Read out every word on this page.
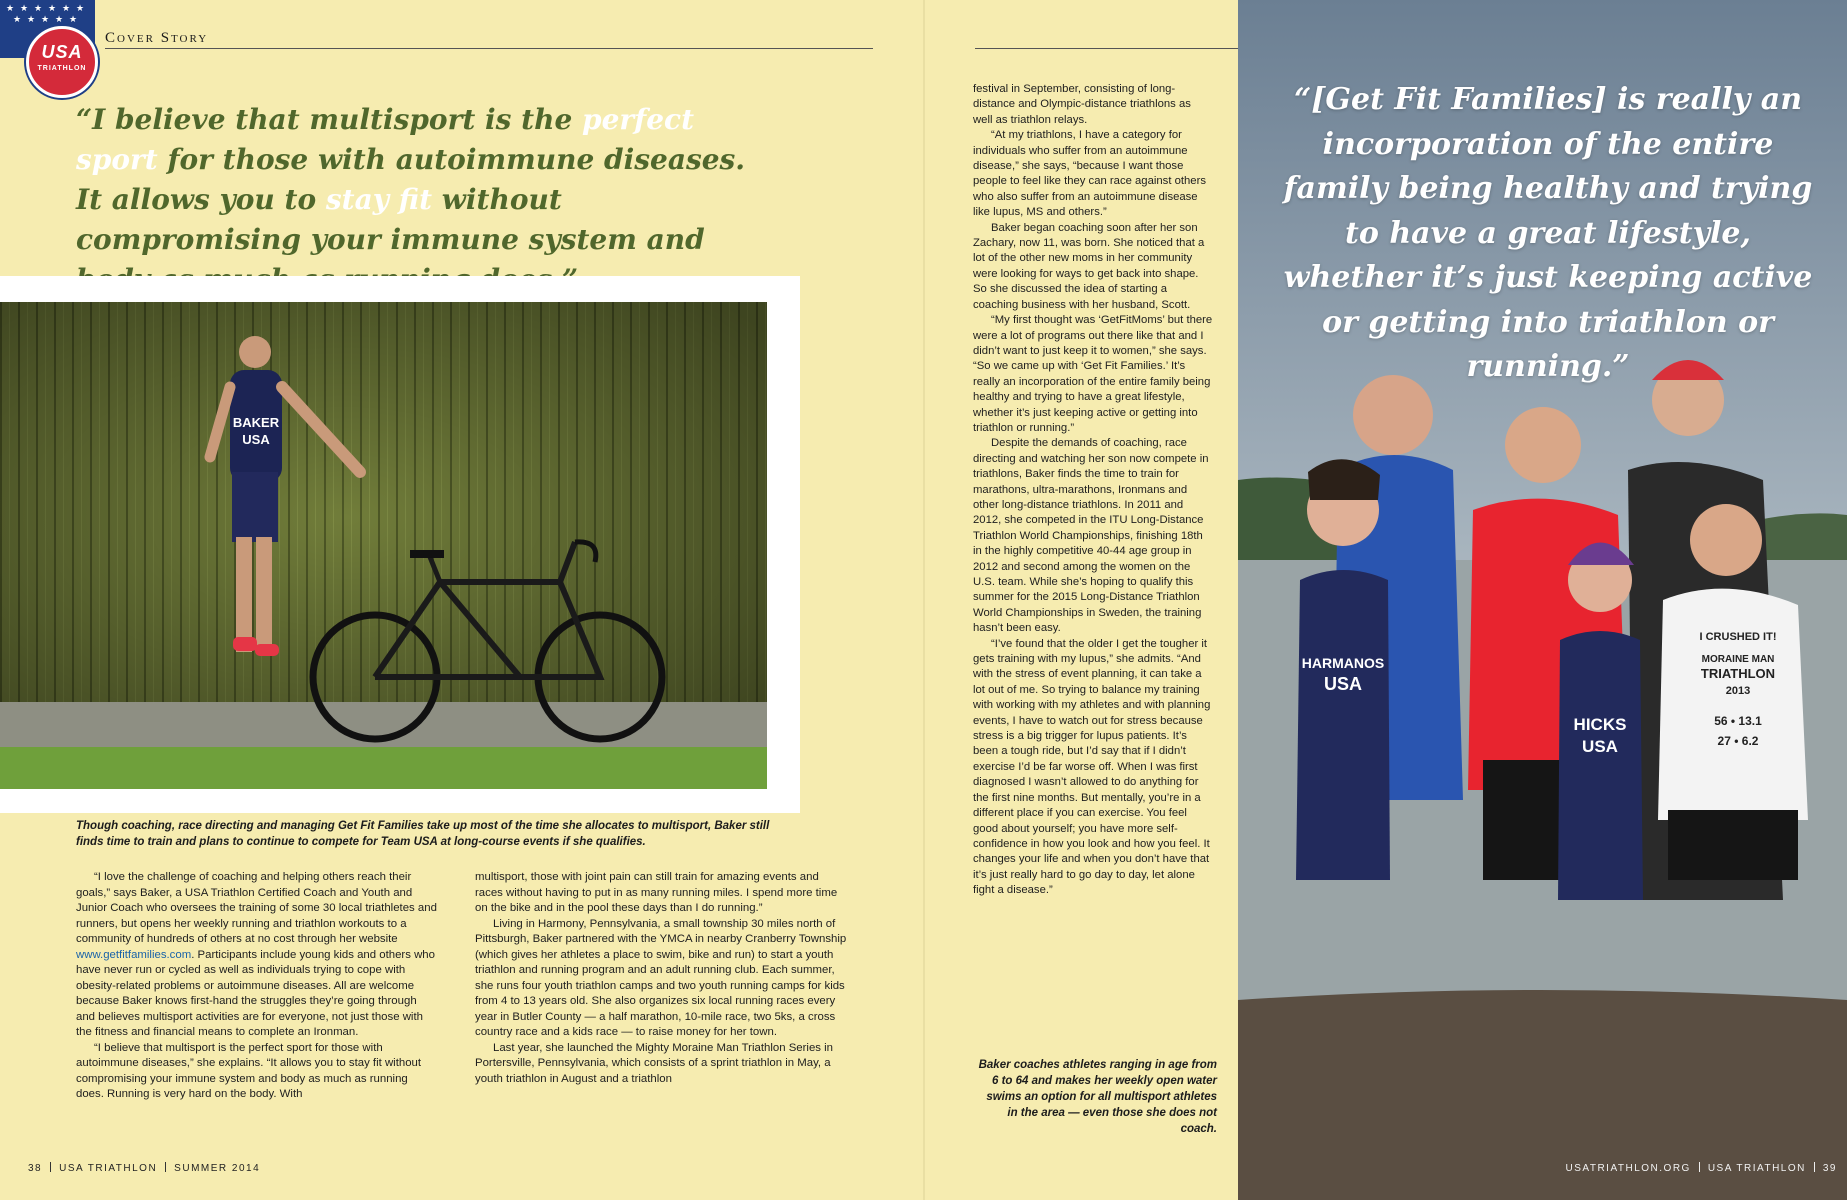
★ ★ ★ ★ ★ ★
★ ★ ★ ★ ★
USA
TRIATHLON
Cover Story
“I believe that multisport is the perfect sport for those with autoimmune diseases. It allows you to stay fit without compromising your immune system and
BAKER
USA
Though coaching, race directing and managing Get Fit Families take up most of the time she allocates to multisport, Baker still finds time to train and plans to continue to compete for Team USA at long-course events if she qualifies.

“I love the challenge of coaching and helping others reach their goals,” says Baker, a USA Triathlon Certified Coach and Youth and Junior Coach who oversees the training of some 30 local triathletes and runners, but opens her weekly running and triathlon workouts to a community of hundreds of others at no cost through her website www.getfitfamilies.com. Participants include young kids and others who have never run or cycled as well as individuals trying to cope with obesity-related problems or autoimmune diseases. All are welcome because Baker knows first-hand the struggles they’re going through and believes multisport activities are for everyone, not just those with the fitness and financial means to complete an Ironman.

“I believe that multisport is the perfect sport for those with autoimmune diseases,” she explains. “It allows you to stay fit without compromising your immune system and body as much as running does. Running is very hard on the body. With

multisport, those with joint pain can still train for amazing events and races without having to put in as many running miles. I spend more time on the bike and in the pool these days than I do running.”

Living in Harmony, Pennsylvania, a small township 30 miles north of Pittsburgh, Baker partnered with the YMCA in nearby Cranberry Township (which gives her athletes a place to swim, bike and run) to start a youth triathlon and running program and an adult running club. Each summer, she runs four youth triathlon camps and two youth running camps for kids from 4 to 13 years old. She also organizes six local running races every year in Butler County — a half marathon, 10-mile race, two 5ks, a cross country race and a kids race — to raise money for her town.

Last year, she launched the Mighty Moraine Man Triathlon Series in Portersville, Pennsylvania, which consists of a sprint triathlon in May, a youth triathlon in August and a triathlon

38 USA TRIATHLON SUMMER 2014

festival in September, consisting of long-distance and Olympic-distance triathlons as well as triathlon relays.

“At my triathlons, I have a category for individuals who suffer from an autoimmune disease,” she says, “because I want those people to feel like they can race against others who also suffer from an autoimmune disease like lupus, MS and others.”

Baker began coaching soon after her son Zachary, now 11, was born. She noticed that a lot of the other new moms in her community were looking for ways to get back into shape. So she discussed the idea of starting a coaching business with her husband, Scott.

“My first thought was ‘GetFitMoms’ but there were a lot of programs out there like that and I didn’t want to just keep it to women,” she says. “So we came up with ‘Get Fit Families.’ It’s really an incorporation of the entire family being healthy and trying to have a great lifestyle, whether it’s just keeping active or getting into triathlon or running.”

Despite the demands of coaching, race directing and watching her son now compete in triathlons, Baker finds the time to train for marathons, ultra-marathons, Ironmans and other long-distance triathlons. In 2011 and 2012, she competed in the ITU Long-Distance Triathlon World Championships, finishing 18th in the highly competitive 40-44 age group in 2012 and second among the women on the U.S. team. While she’s hoping to qualify this summer for the 2015 Long-Distance Triathlon World Championships in Sweden, the training hasn’t been easy.

“I’ve found that the older I get the tougher it gets training with my lupus,” she admits. “And with the stress of event planning, it can take a lot out of me. So trying to balance my training with working with my athletes and with planning events, I have to watch out for stress because stress is a big trigger for lupus patients. It’s been a tough ride, but I’d say that if I didn’t exercise I’d be far worse off. When I was first diagnosed I wasn’t allowed to do anything for the first nine months. But mentally, you’re in a different place if you can exercise. You feel good about yourself; you have more self-confidence in how you look and how you feel. It changes your life and when you don’t have that it’s just really hard to go day to day, let alone fight a disease.”

Baker coaches athletes ranging in age from 6 to 64 and makes her weekly open water swims an option for all multisport athletes in the area — even those she does not coach.
I CRUSHED IT!
MORAINE MAN
TRIATHLON
2013
56 • 13.1
27 • 6.2
HARMANOS
USA
HICKS
USA
“[Get Fit Families] is really an incorporation of the entire family being healthy and trying to have a great lifestyle, whether it’s just keeping active or getting into triathlon or running.”
USATRIATHLON.ORG USA TRIATHLON 39
